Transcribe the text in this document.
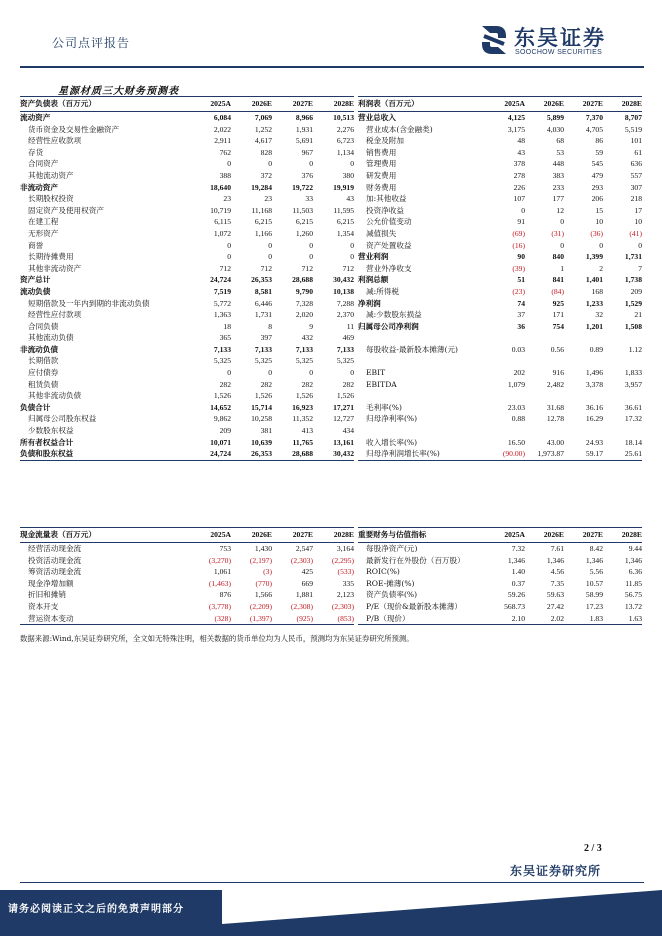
公司点评报告	东吴证券
SOOCHOW SECURITIES
星源材质三大财务预测表
资产负债表（百万元）	2025A	2026E	2027E	2028E
流动资产	6,084	7,069	8,966	10,513
货币资金及交易性金融资产	2,022	1,252	1,931	2,276
经营性应收款项	2,911	4,617	5,691	6,723
存货	762	828	967	1,134
合同资产	0	0	0	0
其他流动资产	388	372	376	380
非流动资产	18,640	19,284	19,722	19,919
长期股权投资	23	23	33	43
固定资产及使用权资产	10,719	11,168	11,503	11,595
在建工程	6,115	6,215	6,215	6,215
无形资产	1,072	1,166	1,260	1,354
商誉	0	0	0	0
长期待摊费用	0	0	0	0
其他非流动资产	712	712	712	712
资产总计	24,724	26,353	28,688	30,432
流动负债	7,519	8,581	9,790	10,138
短期借款及一年内到期的非流动负债	5,772	6,446	7,328	7,288
经营性应付款项	1,363	1,731	2,020	2,370
合同负债	18	8	9	11
其他流动负债	365	397	432	469
非流动负债	7,133	7,133	7,133	7,133
长期借款	5,325	5,325	5,325	5,325
应付债券	0	0	0	0
租赁负债	282	282	282	282
其他非流动负债	1,526	1,526	1,526	1,526
负债合计	14,652	15,714	16,923	17,271
归属母公司股东权益	9,862	10,258	11,352	12,727
少数股东权益	209	381	413	434
所有者权益合计	10,071	10,639	11,765	13,161
负债和股东权益	24,724	26,353	28,688	30,432
利润表（百万元）	2025A	2026E	2027E	2028E
营业总收入	4,125	5,899	7,370	8,707
营业成本(含金融类)	3,175	4,030	4,705	5,519
税金及附加	48	68	86	101
销售费用	43	53	59	61
管理费用	378	448	545	636
研发费用	278	383	479	557
财务费用	226	233	293	307
加:其他收益	107	177	206	218
投资净收益	0	12	15	17
公允价值变动	91	0	10	10
减值损失	(69)	(31)	(36)	(41)
资产处置收益	(16)	0	0	0
营业利润	90	840	1,399	1,731
营业外净收支	(39)	1	2	7
利润总额	51	841	1,401	1,738
减:所得税	(23)	(84)	168	209
净利润	74	925	1,233	1,529
减:少数股东损益	37	171	32	21
归属母公司净利润	36	754	1,201	1,508

每股收益-最新股本摊薄(元)	0.03	0.56	0.89	1.12

EBIT	202	916	1,496	1,833
EBITDA	1,079	2,482	3,378	3,957

毛利率(%)	23.03	31.68	36.16	36.61
归母净利率(%)	0.88	12.78	16.29	17.32

收入增长率(%)	16.50	43.00	24.93	18.14
归母净利润增长率(%)	(90.00)	1,973.87	59.17	25.61
现金流量表（百万元）	2025A	2026E	2027E	2028E
经营活动现金流	753	1,430	2,547	3,164
投资活动现金流	(3,270)	(2,197)	(2,303)	(2,295)
筹资活动现金流	1,061	(3)	425	(533)
现金净增加额	(1,463)	(770)	669	335
折旧和摊销	876	1,566	1,881	2,123
资本开支	(3,778)	(2,209)	(2,308)	(2,303)
营运资本变动	(328)	(1,397)	(925)	(853)
重要财务与估值指标	2025A	2026E	2027E	2028E
每股净资产(元)	7.32	7.61	8.42	9.44
最新发行在外股份（百万股）	1,346	1,346	1,346	1,346
ROIC(%)	1.40	4.56	5.56	6.36
ROE-摊薄(%)	0.37	7.35	10.57	11.85
资产负债率(%)	59.26	59.63	58.99	56.75
P/E（现价&最新股本摊薄）	568.73	27.42	17.23	13.72
P/B（现价）	2.10	2.02	1.83	1.63
数据来源:Wind,东吴证券研究所，全文如无特殊注明，相关数据的货币单位均为人民币，预测均为东吴证券研究所预测。
2 / 3
东吴证券研究所
请务必阅读正文之后的免责声明部分
